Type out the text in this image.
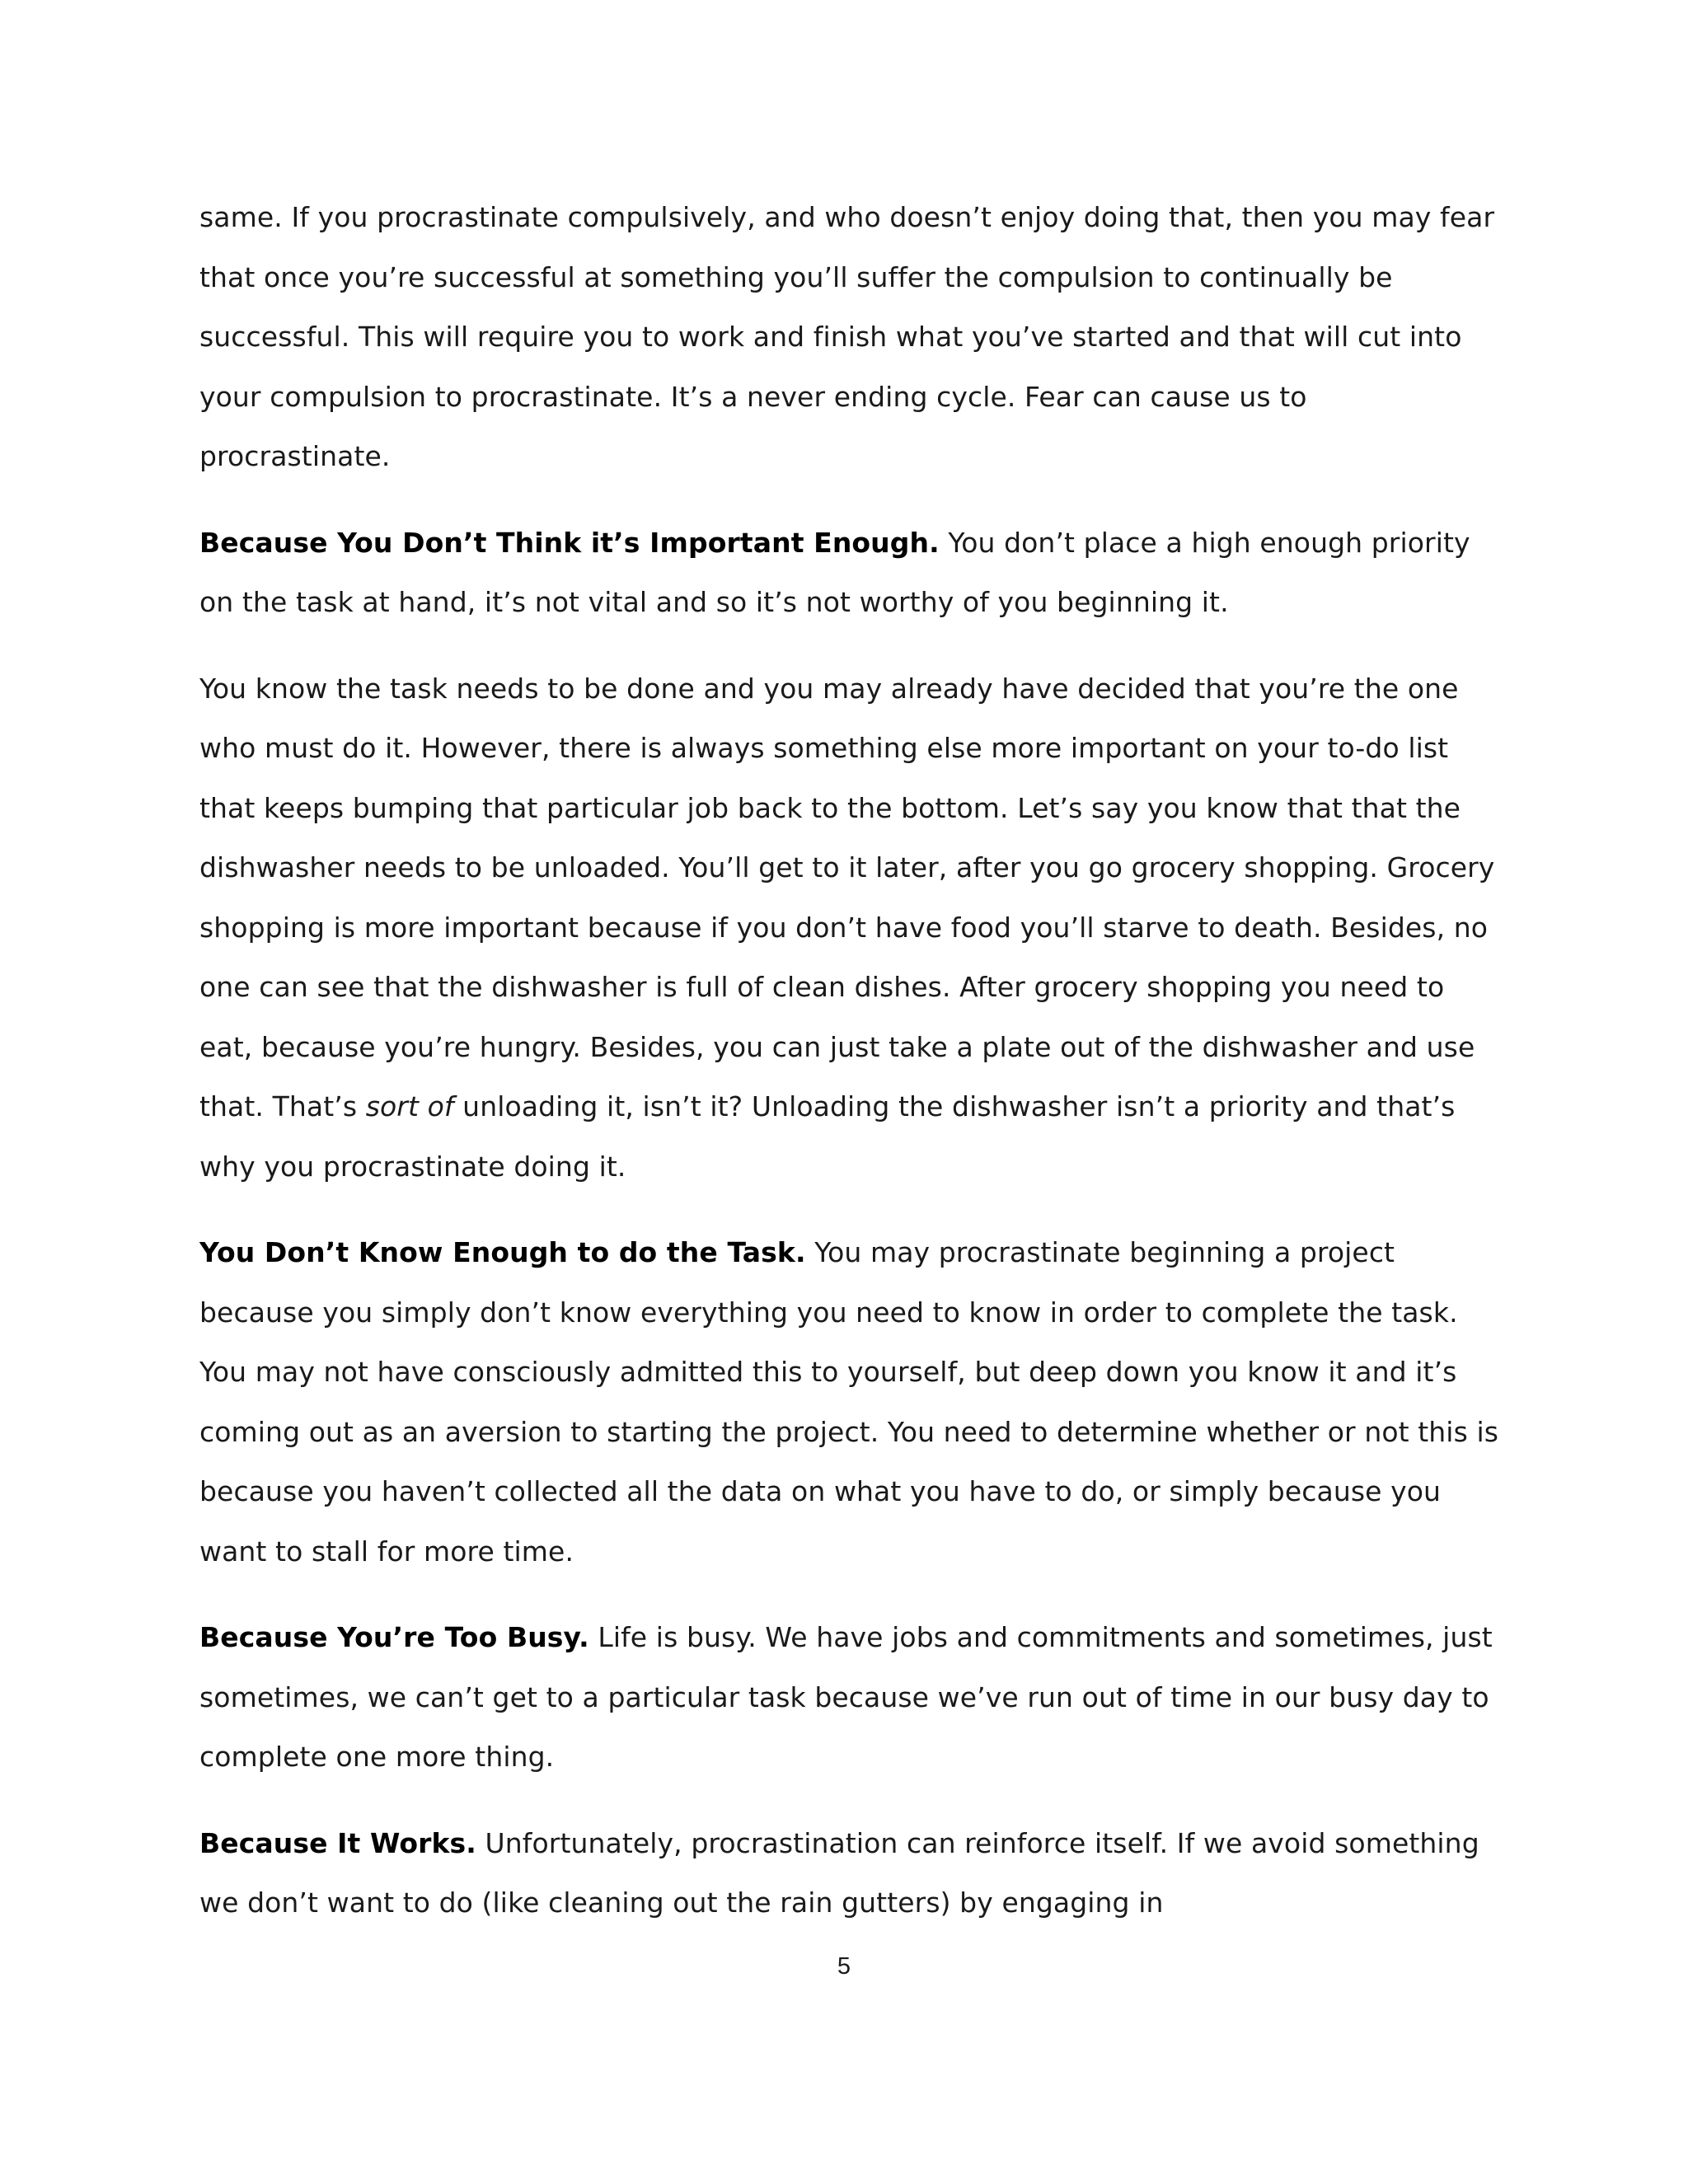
same. If you procrastinate compulsively, and who doesn’t enjoy doing that, then you may fear that once you’re successful at something you’ll suffer the compulsion to continually be successful. This will require you to work and finish what you’ve started and that will cut into your compulsion to procrastinate. It’s a never ending cycle. Fear can cause us to procrastinate.

Because You Don’t Think it’s Important Enough. You don’t place a high enough priority on the task at hand, it’s not vital and so it’s not worthy of you beginning it.

You know the task needs to be done and you may already have decided that you’re the one who must do it. However, there is always something else more important on your to-do list that keeps bumping that particular job back to the bottom. Let’s say you know that that the dishwasher needs to be unloaded. You’ll get to it later, after you go grocery shopping. Grocery shopping is more important because if you don’t have food you’ll starve to death. Besides, no one can see that the dishwasher is full of clean dishes. After grocery shopping you need to eat, because you’re hungry. Besides, you can just take a plate out of the dishwasher and use that. That’s sort of unloading it, isn’t it? Unloading the dishwasher isn’t a priority and that’s why you procrastinate doing it.

You Don’t Know Enough to do the Task. You may procrastinate beginning a project because you simply don’t know everything you need to know in order to complete the task. You may not have consciously admitted this to yourself, but deep down you know it and it’s coming out as an aversion to starting the project. You need to determine whether or not this is because you haven’t collected all the data on what you have to do, or simply because you want to stall for more time.

Because You’re Too Busy. Life is busy. We have jobs and commitments and sometimes, just sometimes, we can’t get to a particular task because we’ve run out of time in our busy day to complete one more thing.

Because It Works. Unfortunately, procrastination can reinforce itself. If we avoid something we don’t want to do (like cleaning out the rain gutters) by engaging in

5
